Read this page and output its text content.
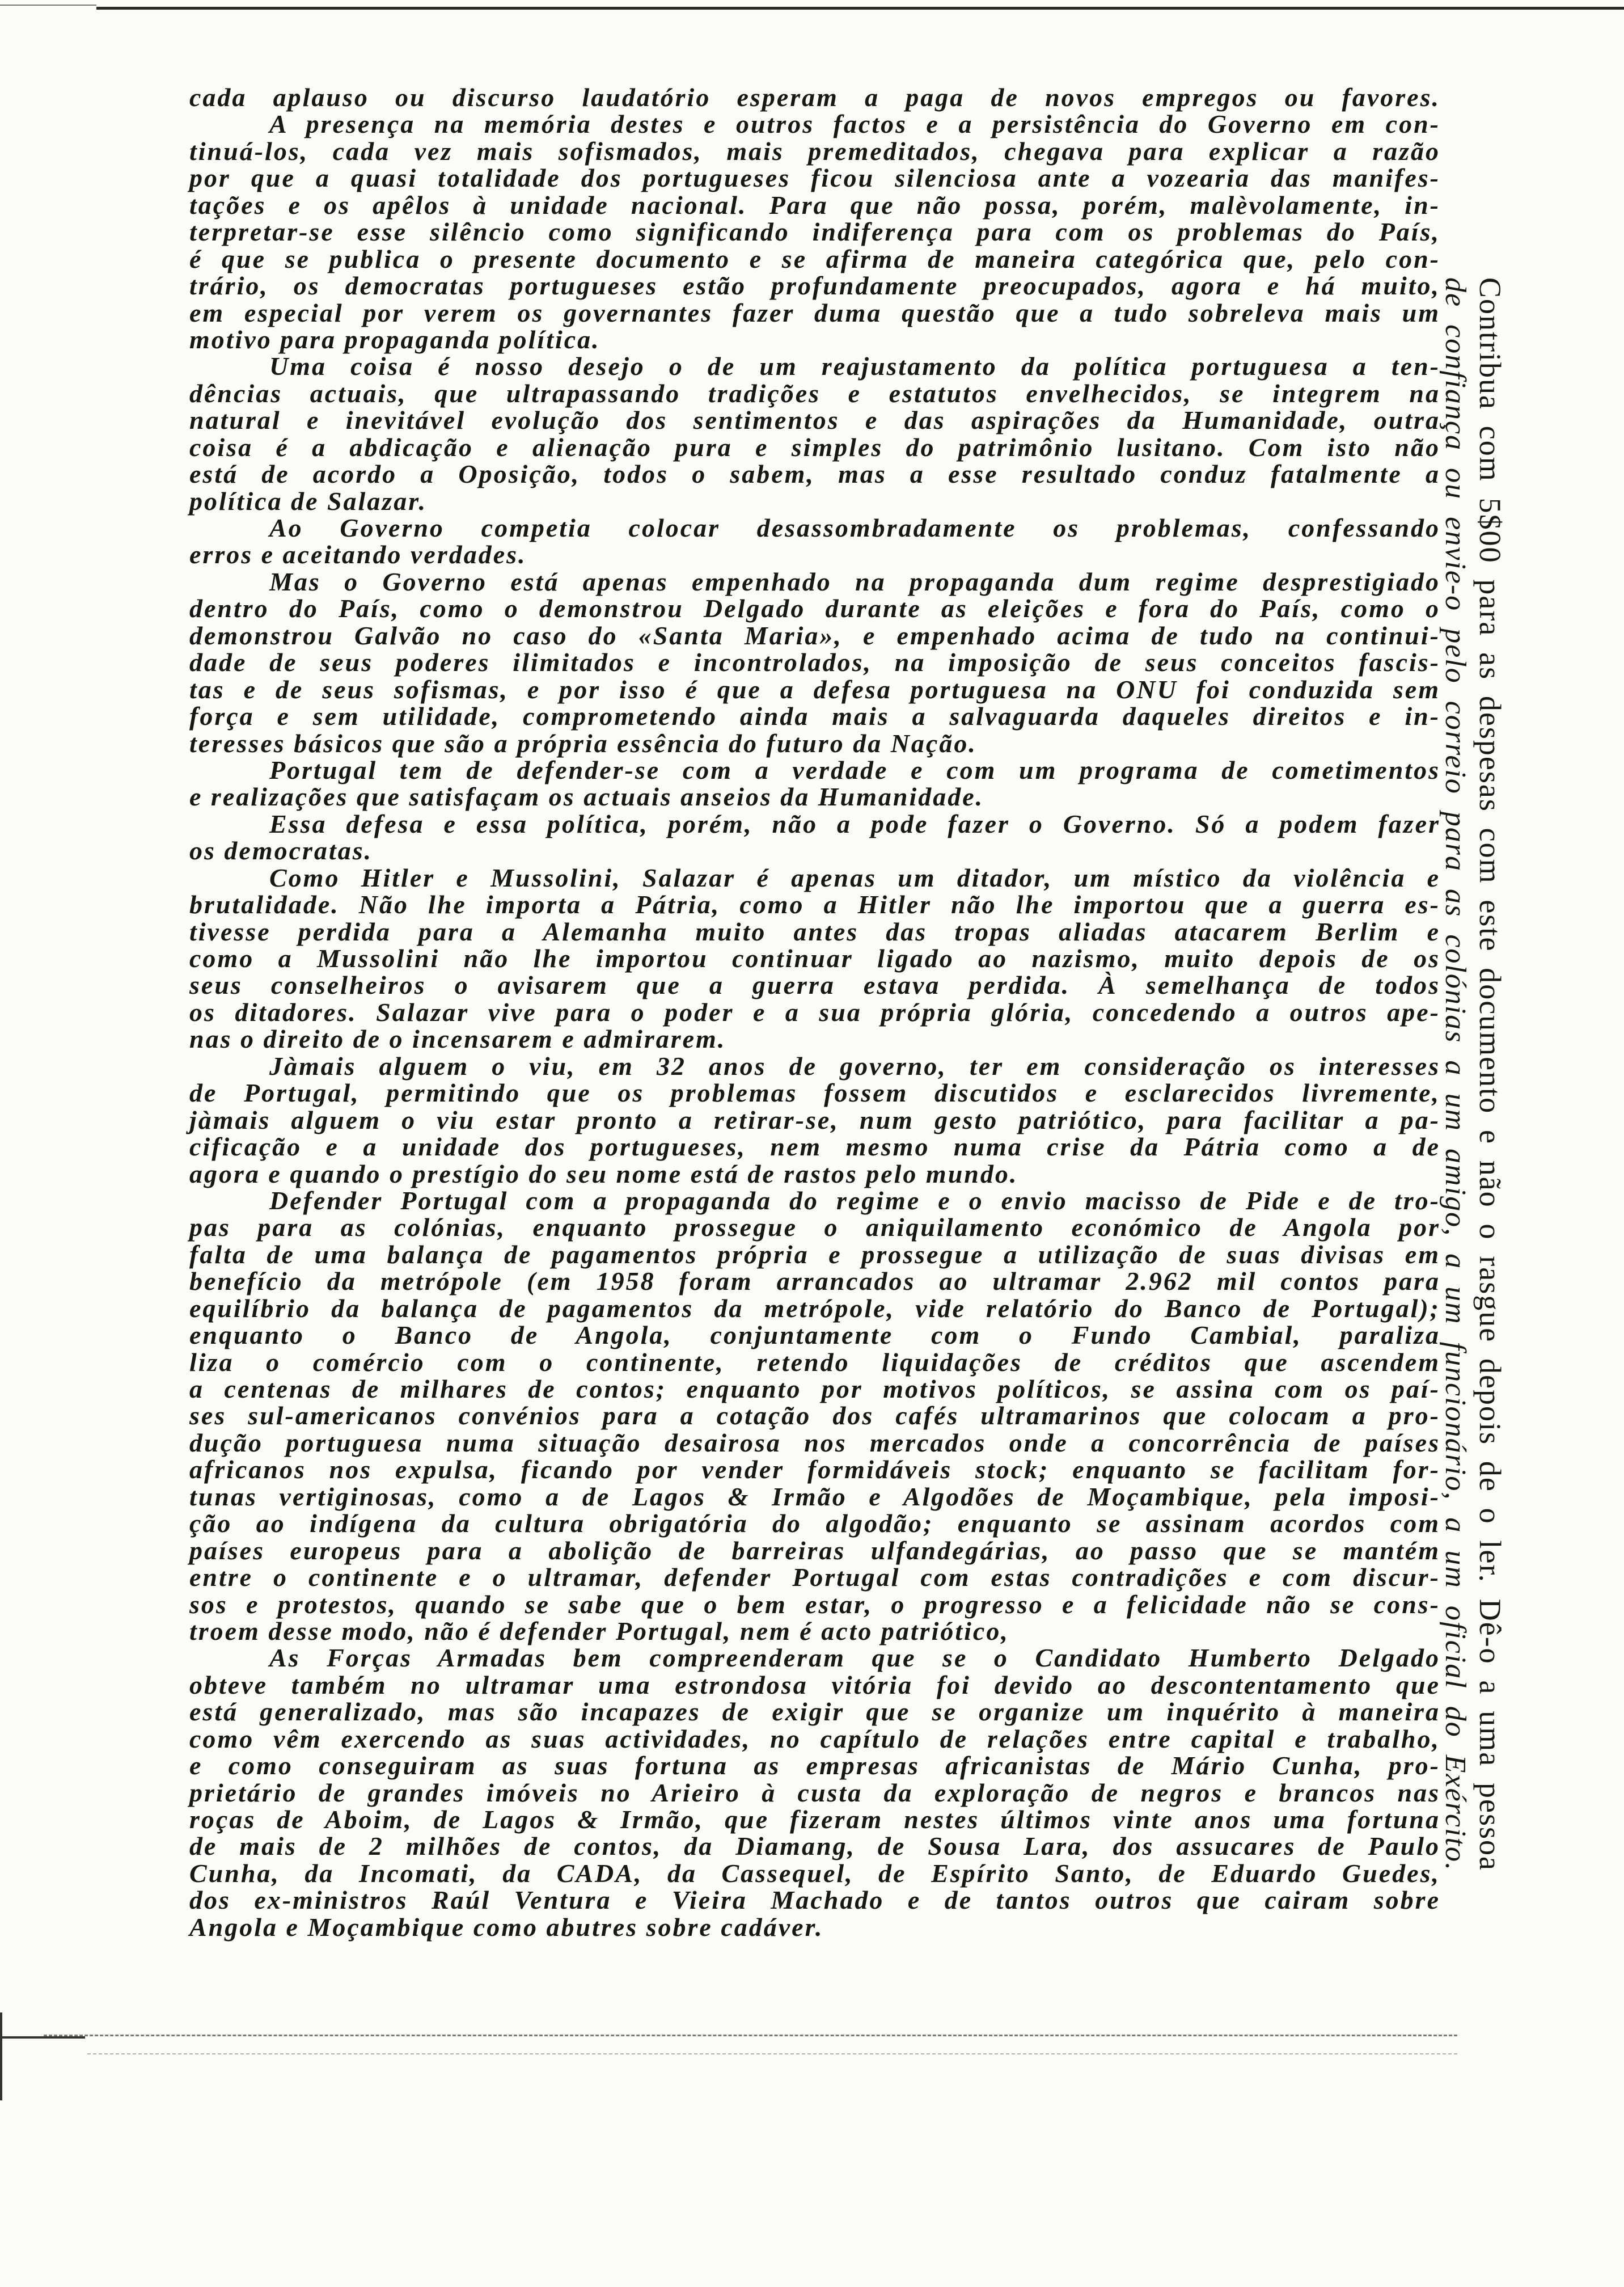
cada aplauso ou discurso laudatório esperam a paga de novos empregos ou favores.
A presença na memória destes e outros factos e a persistência do Governo em con-
tinuá-los, cada vez mais sofismados, mais premeditados, chegava para explicar a razão
por que a quasi totalidade dos portugueses ficou silenciosa ante a vozearia das manifes-
tações e os apêlos à unidade nacional. Para que não possa, porém, malèvolamente, in-
terpretar-se esse silêncio como significando indiferença para com os problemas do País,
é que se publica o presente documento e se afirma de maneira categórica que, pelo con-
trário, os democratas portugueses estão profundamente preocupados, agora e há muito,
em especial por verem os governantes fazer duma questão que a tudo sobreleva mais um
motivo para propaganda política.
Uma coisa é nosso desejo o de um reajustamento da política portuguesa a ten-
dências actuais, que ultrapassando tradições e estatutos envelhecidos, se integrem na
natural e inevitável evolução dos sentimentos e das aspirações da Humanidade, outra
coisa é a abdicação e alienação pura e simples do patrimônio lusitano. Com isto não
está de acordo a Oposição, todos o sabem, mas a esse resultado conduz fatalmente a
política de Salazar.
Ao Governo competia colocar desassombradamente os problemas, confessando
erros e aceitando verdades.
Mas o Governo está apenas empenhado na propaganda dum regime desprestigiado
dentro do País, como o demonstrou Delgado durante as eleições e fora do País, como o
demonstrou Galvão no caso do «Santa Maria», e empenhado acima de tudo na continui-
dade de seus poderes ilimitados e incontrolados, na imposição de seus conceitos fascis-
tas e de seus sofismas, e por isso é que a defesa portuguesa na ONU foi conduzida sem
força e sem utilidade, comprometendo ainda mais a salvaguarda daqueles direitos e in-
teresses básicos que são a própria essência do futuro da Nação.
Portugal tem de defender-se com a verdade e com um programa de cometimentos
e realizações que satisfaçam os actuais anseios da Humanidade.
Essa defesa e essa política, porém, não a pode fazer o Governo. Só a podem fazer
os democratas.
Como Hitler e Mussolini, Salazar é apenas um ditador, um místico da violência e
brutalidade. Não lhe importa a Pátria, como a Hitler não lhe importou que a guerra es-
tivesse perdida para a Alemanha muito antes das tropas aliadas atacarem Berlim e
como a Mussolini não lhe importou continuar ligado ao nazismo, muito depois de os
seus conselheiros o avisarem que a guerra estava perdida. À semelhança de todos
os ditadores. Salazar vive para o poder e a sua própria glória, concedendo a outros ape-
nas o direito de o incensarem e admirarem.
Jàmais alguem o viu, em 32 anos de governo, ter em consideração os interesses
de Portugal, permitindo que os problemas fossem discutidos e esclarecidos livremente,
jàmais alguem o viu estar pronto a retirar-se, num gesto patriótico, para facilitar a pa-
cificação e a unidade dos portugueses, nem mesmo numa crise da Pátria como a de
agora e quando o prestígio do seu nome está de rastos pelo mundo.
Defender Portugal com a propaganda do regime e o envio macisso de Pide e de tro-
pas para as colónias, enquanto prossegue o aniquilamento económico de Angola por
falta de uma balança de pagamentos própria e prossegue a utilização de suas divisas em
benefício da metrópole (em 1958 foram arrancados ao ultramar 2.962 mil contos para
equilíbrio da balança de pagamentos da metrópole, vide relatório do Banco de Portugal);
enquanto o Banco de Angola, conjuntamente com o Fundo Cambial, paraliza
liza o comércio com o continente, retendo liquidações de créditos que ascendem
a centenas de milhares de contos; enquanto por motivos políticos, se assina com os paí-
ses sul-americanos convénios para a cotação dos cafés ultramarinos que colocam a pro-
dução portuguesa numa situação desairosa nos mercados onde a concorrência de países
africanos nos expulsa, ficando por vender formidáveis stock; enquanto se facilitam for-
tunas vertiginosas, como a de Lagos & Irmão e Algodões de Moçambique, pela imposi-
ção ao indígena da cultura obrigatória do algodão; enquanto se assinam acordos com
países europeus para a abolição de barreiras ulfandegárias, ao passo que se mantém
entre o continente e o ultramar, defender Portugal com estas contradições e com discur-
sos e protestos, quando se sabe que o bem estar, o progresso e a felicidade não se cons-
troem desse modo, não é defender Portugal, nem é acto patriótico,
As Forças Armadas bem compreenderam que se o Candidato Humberto Delgado
obteve também no ultramar uma estrondosa vitória foi devido ao descontentamento que
está generalizado, mas são incapazes de exigir que se organize um inquérito à maneira
como vêm exercendo as suas actividades, no capítulo de relações entre capital e trabalho,
e como conseguiram as suas fortuna as empresas africanistas de Mário Cunha, pro-
prietário de grandes imóveis no Arieiro à custa da exploração de negros e brancos nas
roças de Aboim, de Lagos & Irmão, que fizeram nestes últimos vinte anos uma fortuna
de mais de 2 milhões de contos, da Diamang, de Sousa Lara, dos assucares de Paulo
Cunha, da Incomati, da CADA, da Cassequel, de Espírito Santo, de Eduardo Guedes,
dos ex-ministros Raúl Ventura e Vieira Machado e de tantos outros que cairam sobre
Angola e Moçambique como abutres sobre cadáver.
Contribua com 5$00 para as despesas com este documento e não o rasgue depois de o ler. Dê-o a uma pessoa
de confiança ou envie-o pelo correio para as colónias a um amigo, a um funcionário, a um oficial do Exército.
